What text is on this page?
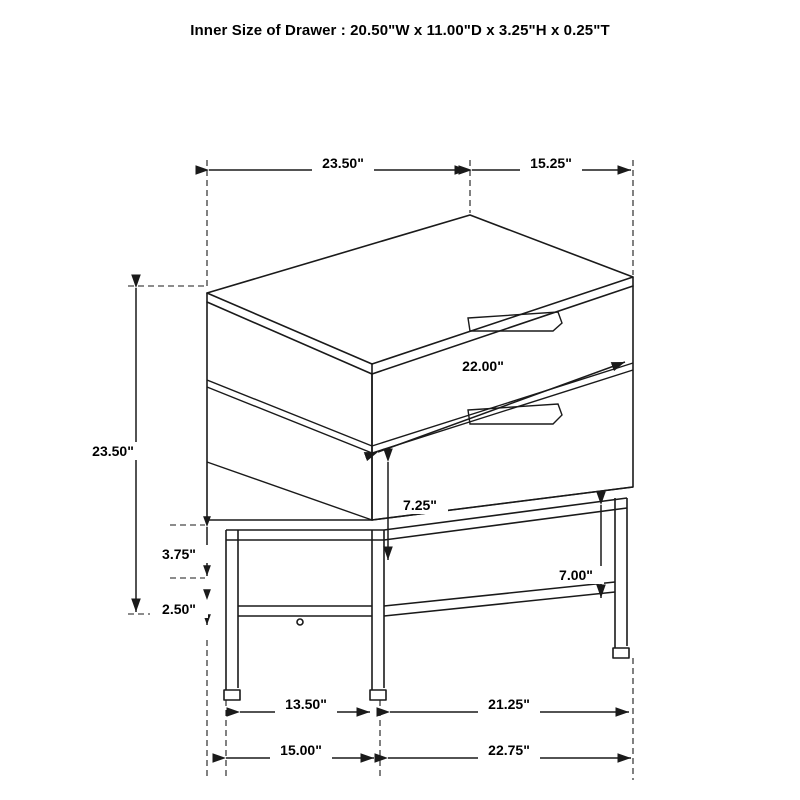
Inner Size of Drawer : 20.50"W x 11.00"D x 3.25"H x 0.25"T
23.50"	15.25"
23.50"
3.75"
2.50"
22.00"
7.25"
7.00"
13.50"	21.25"
15.00"	22.75"
